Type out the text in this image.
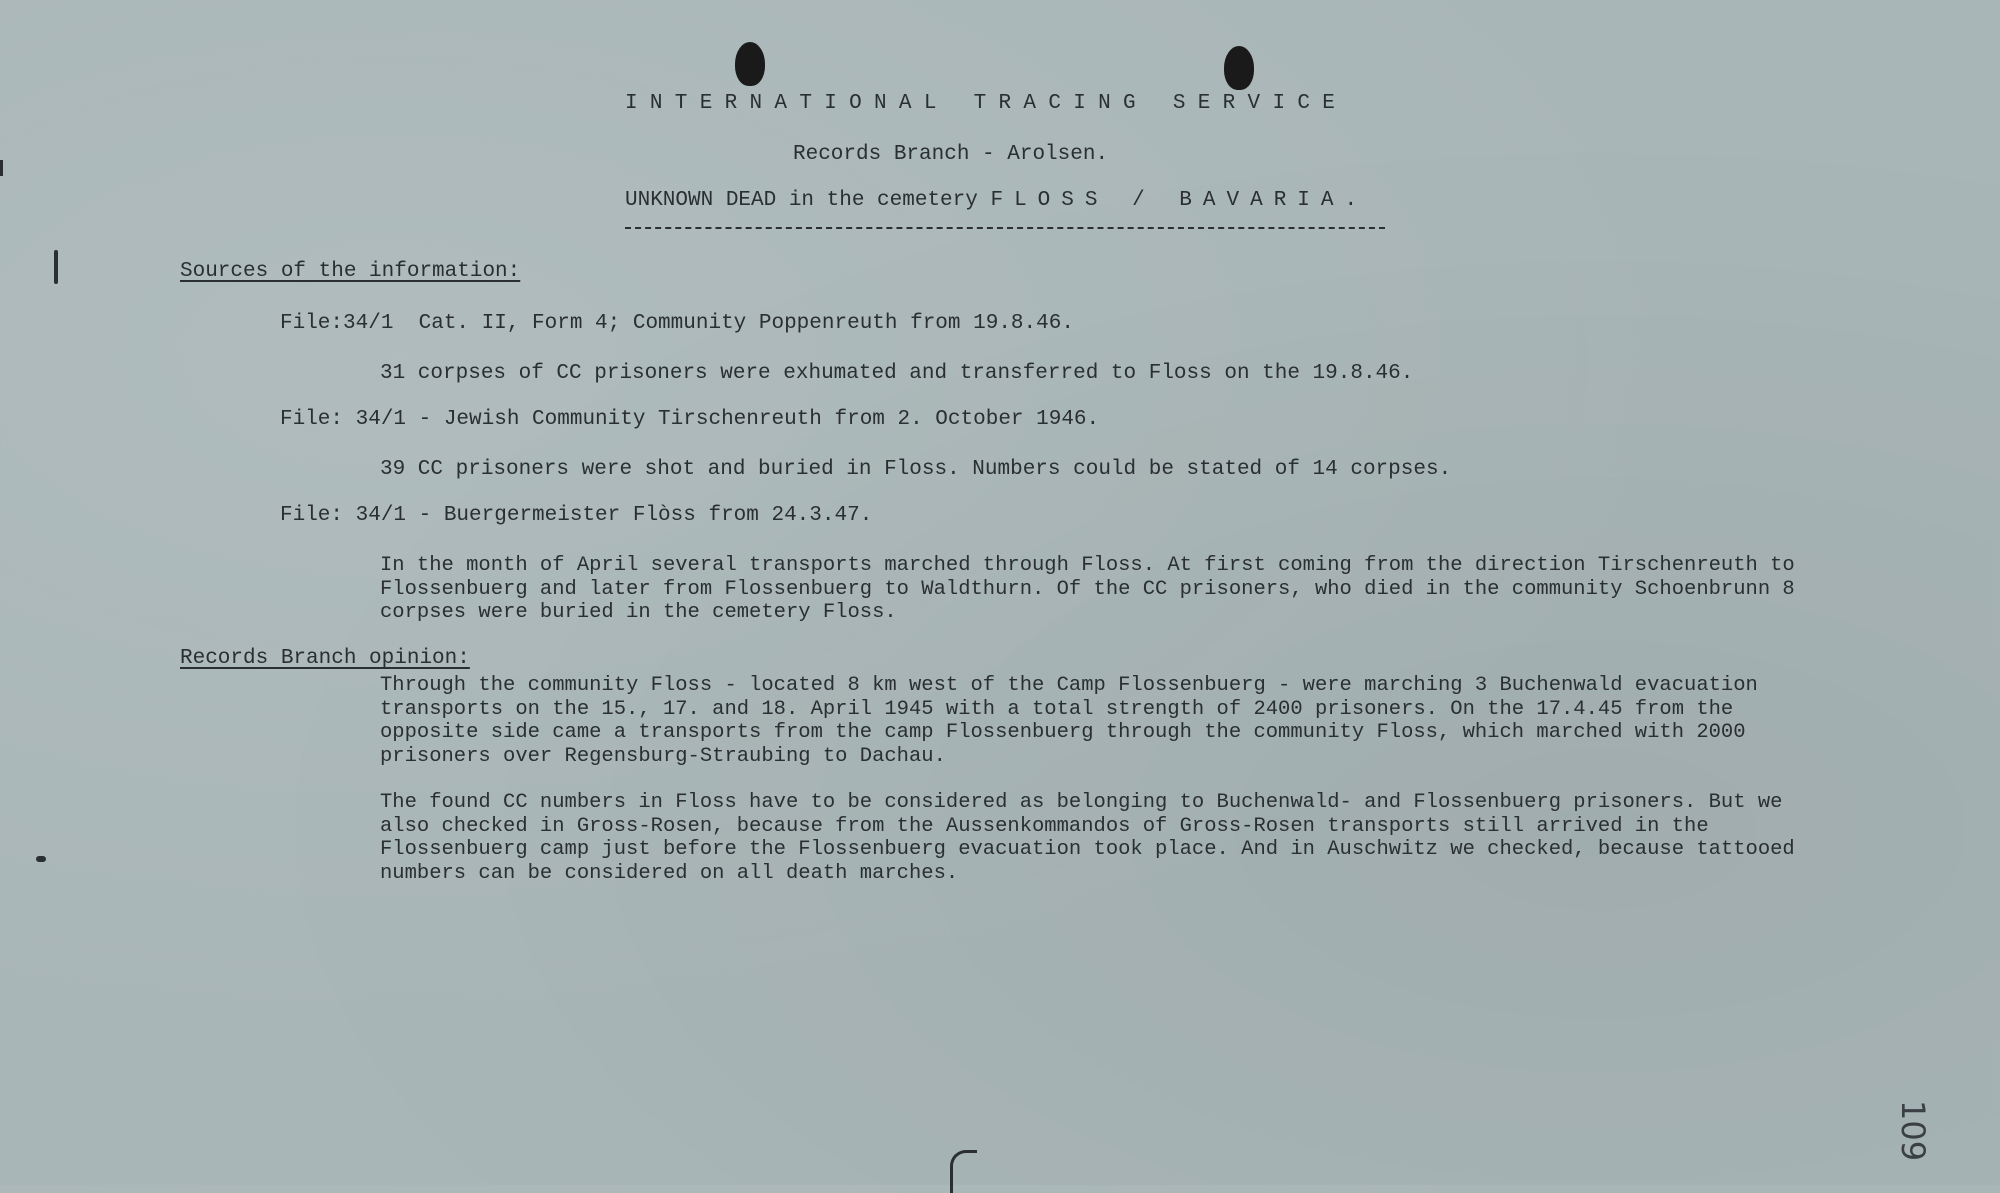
INTERNATIONAL TRACING SERVICE
Records Branch - Arolsen.
UNKNOWN DEAD in the cemetery FLOSS / BAVARIA.
Sources of the information:
File:34/1  Cat. II, Form 4; Community Poppenreuth from 19.8.46.
31 corpses of CC prisoners were exhumated and transferred to Floss on the 19.8.46.
File: 34/1 - Jewish Community Tirschenreuth from 2. October 1946.
39 CC prisoners were shot and buried in Floss. Numbers could be stated of 14 corpses.
File: 34/1 - Buergermeister Flòss from 24.3.47.
In the month of April several transports marched through Floss. At first coming from the direction Tirschenreuth to Flossenbuerg and later from Flossenbuerg to Waldthurn. Of the CC prisoners, who died in the community Schoenbrunn 8 corpses were buried in the cemetery Floss.
Records Branch opinion:
Through the community Floss - located 8 km west of the Camp Flossenbuerg - were marching 3 Buchenwald evacuation transports on the 15., 17. and 18. April 1945 with a total strength of 2400 prisoners. On the 17.4.45 from the opposite side came a transports from the camp Flossenbuerg through the community Floss, which marched with 2000 prisoners over Regensburg-Straubing to Dachau.
The found CC numbers in Floss have to be considered as belonging to Buchenwald- and Flossenbuerg prisoners. But we also checked in Gross-Rosen, because from the Aussenkommandos of Gross-Rosen transports still arrived in the Flossenbuerg camp just before the Flossenbuerg evacuation took place. And in Auschwitz we checked, because tattooed numbers can be considered on all death marches.
109
